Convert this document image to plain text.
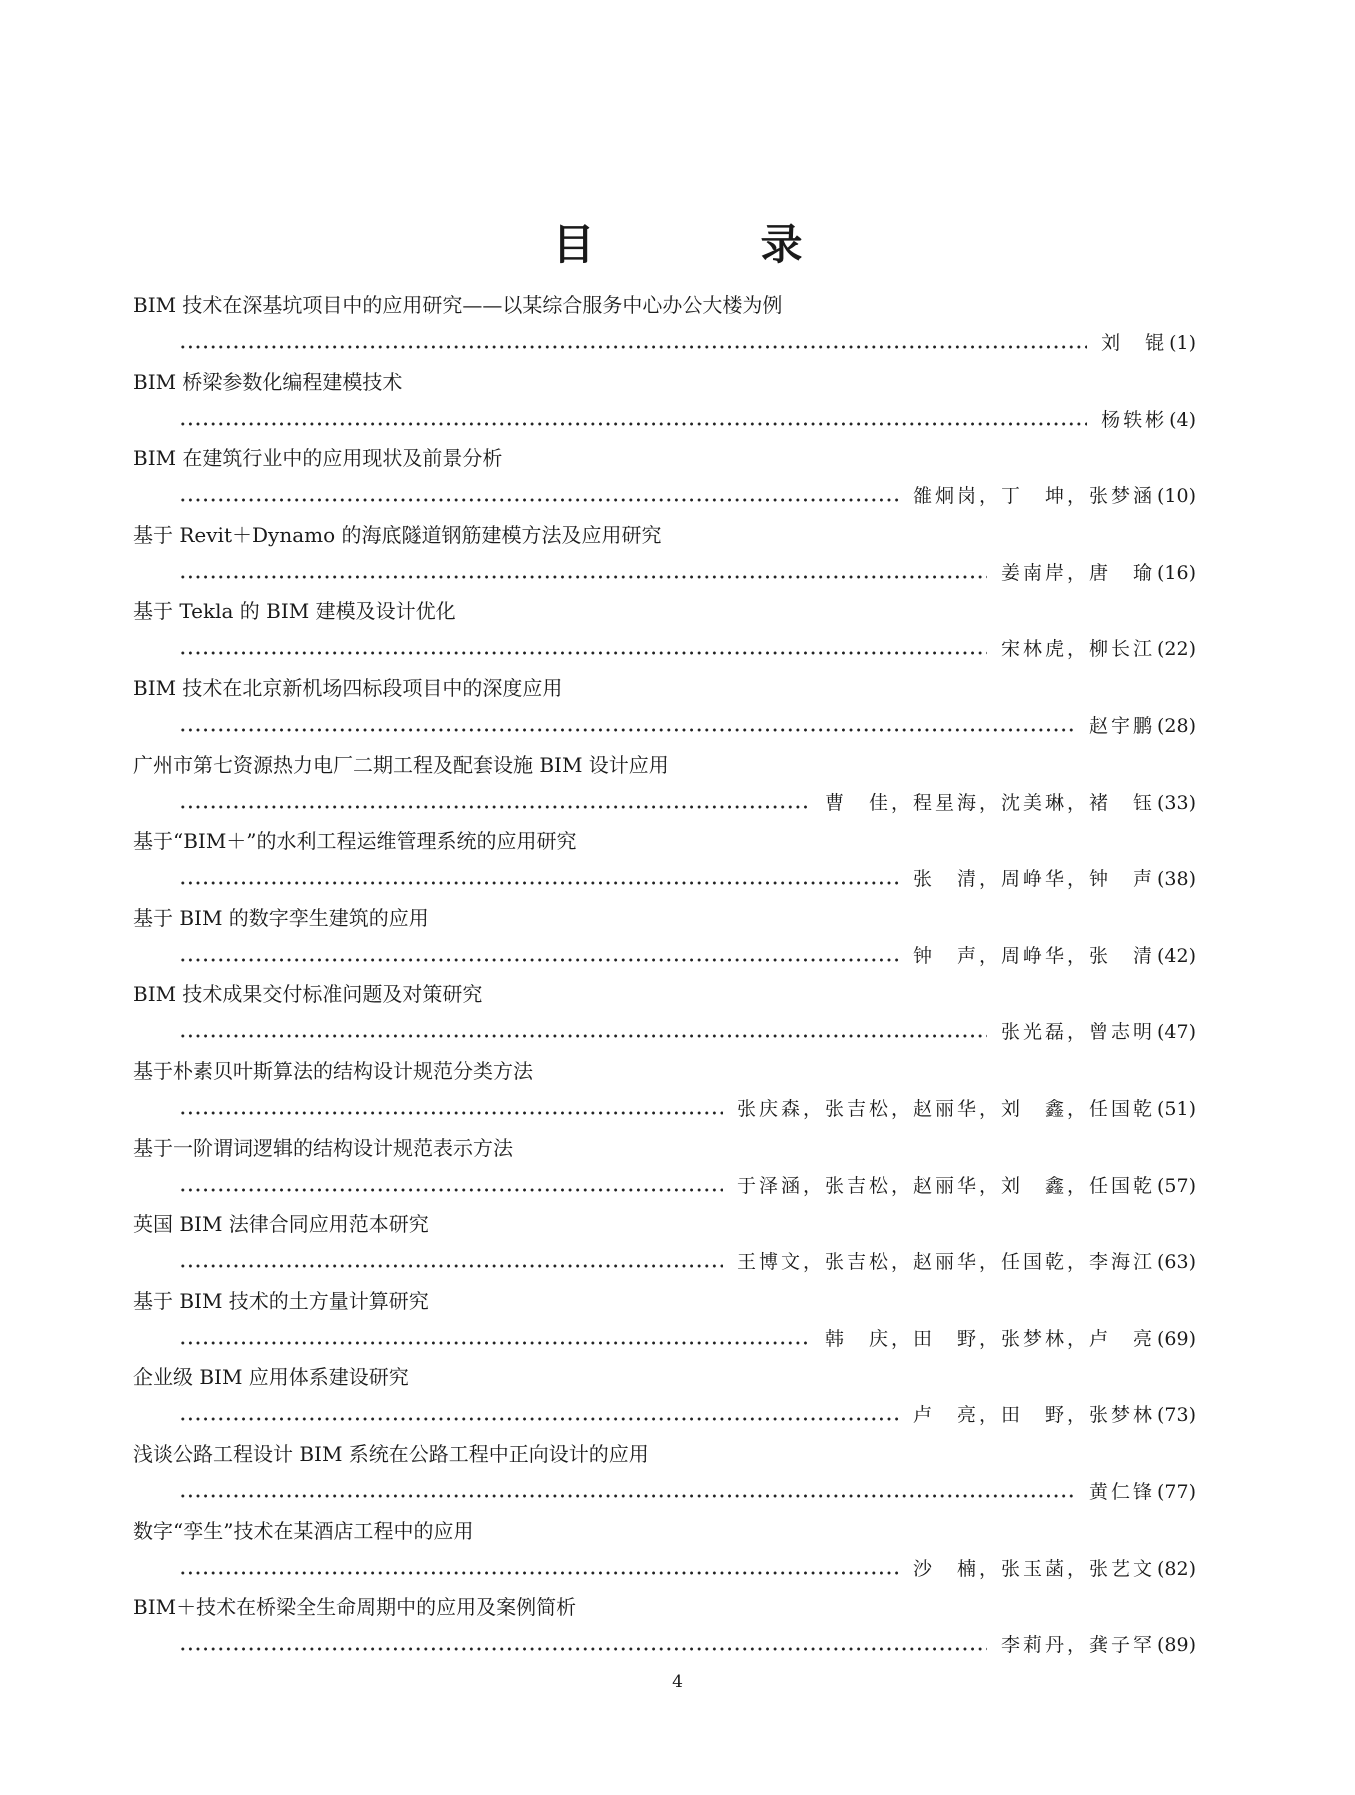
目　录
BIM 技术在深基坑项目中的应用研究——以某综合服务中心办公大楼为例
刘　锟 (1)
BIM 桥梁参数化编程建模技术
杨轶彬 (4)
BIM 在建筑行业中的应用现状及前景分析
雒炯岗，丁　坤，张梦涵 (10)
基于 Revit＋Dynamo 的海底隧道钢筋建模方法及应用研究
姜南岸，唐　瑜 (16)
基于 Tekla 的 BIM 建模及设计优化
宋林虎，柳长江 (22)
BIM 技术在北京新机场四标段项目中的深度应用
赵宇鹏 (28)
广州市第七资源热力电厂二期工程及配套设施 BIM 设计应用
曹　佳，程星海，沈美琳，褚　钰 (33)
基于“BIM＋”的水利工程运维管理系统的应用研究
张　清，周峥华，钟　声 (38)
基于 BIM 的数字孪生建筑的应用
钟　声，周峥华，张　清 (42)
BIM 技术成果交付标准问题及对策研究
张光磊，曾志明 (47)
基于朴素贝叶斯算法的结构设计规范分类方法
张庆森，张吉松，赵丽华，刘　鑫，任国乾 (51)
基于一阶谓词逻辑的结构设计规范表示方法
于泽涵，张吉松，赵丽华，刘　鑫，任国乾 (57)
英国 BIM 法律合同应用范本研究
王博文，张吉松，赵丽华，任国乾，李海江 (63)
基于 BIM 技术的土方量计算研究
韩　庆，田　野，张梦林，卢　亮 (69)
企业级 BIM 应用体系建设研究
卢　亮，田　野，张梦林 (73)
浅谈公路工程设计 BIM 系统在公路工程中正向设计的应用
黄仁锋 (77)
数字“孪生”技术在某酒店工程中的应用
沙　楠，张玉菡，张艺文 (82)
BIM＋技术在桥梁全生命周期中的应用及案例简析
李莉丹，龚子罕 (89)
4
